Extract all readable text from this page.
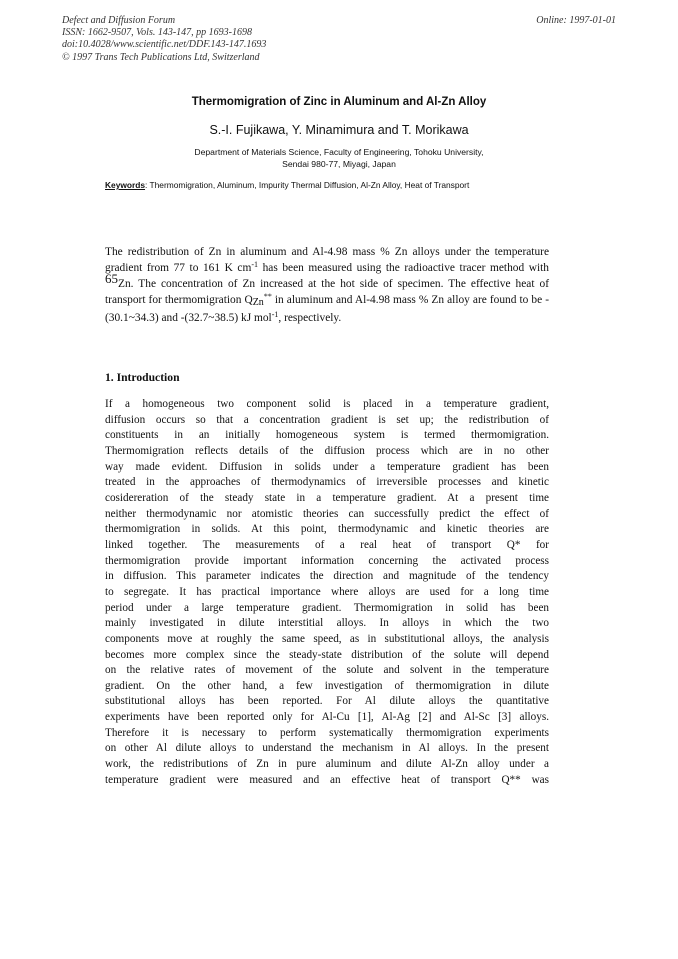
Defect and Diffusion Forum
ISSN: 1662-9507, Vols. 143-147, pp 1693-1698
doi:10.4028/www.scientific.net/DDF.143-147.1693
© 1997 Trans Tech Publications Ltd, Switzerland
Online: 1997-01-01
Thermomigration of Zinc in Aluminum and Al-Zn Alloy
S.-I. Fujikawa, Y. Minamimura and T. Morikawa
Department of Materials Science, Faculty of Engineering, Tohoku University,
Sendai 980-77, Miyagi, Japan
Keywords: Thermomigration, Aluminum, Impurity Thermal Diffusion, Al-Zn Alloy, Heat of Transport
The redistribution of Zn in aluminum and Al-4.98 mass % Zn alloys under the temperature gradient from 77 to 161 K $cm^{-1}$ has been measured using the radioactive tracer method with 65Zn. The concentration of Zn increased at the hot side of specimen. The effective heat of transport for thermomigration QZn** in aluminum and Al-4.98 mass % Zn alloy are found to be -(30.1~34.3) and -(32.7~38.5) kJ mol$^{-1}$, respectively.
1. Introduction
If a homogeneous two component solid is placed in a temperature gradient,
diffusion occurs so that a concentration gradient is set up; the redistribution of
constituents in an initially homogeneous system is termed thermomigration.
Thermomigration reflects details of the diffusion process which are in no other
way made evident. Diffusion in solids under a temperature gradient has been
treated in the approaches of thermodynamics of irreversible processes and kinetic
cosidereration of the steady state in a temperature gradient. At a present time
neither thermodynamic nor atomistic theories can successfully predict the effect of
thermomigration in solids. At this point, thermodynamic and kinetic theories are
linked together. The measurements of a real heat of transport Q* for
thermomigration provide important information concerning the activated process
in diffusion. This parameter indicates the direction and magnitude of the tendency
to segregate. It has practical importance where alloys are used for a long time
period under a large temperature gradient. Thermomigration in solid has been
mainly investigated in dilute interstitial alloys. In alloys in which the two
components move at roughly the same speed, as in substitutional alloys, the analysis
becomes more complex since the steady-state distribution of the solute will depend
on the relative rates of movement of the solute and solvent in the temperature
gradient. On the other hand, a few investigation of thermomigration in dilute
substitutional alloys has been reported. For Al dilute alloys the quantitative
experiments have been reported only for Al-Cu [1], Al-Ag [2] and Al-Sc [3] alloys.
Therefore it is necessary to perform systematically thermomigration experiments
on other Al dilute alloys to understand the mechanism in Al alloys. In the present
work, the redistributions of Zn in pure aluminum and dilute Al-Zn alloy under a
temperature gradient were measured and an effective heat of transport Q** was
